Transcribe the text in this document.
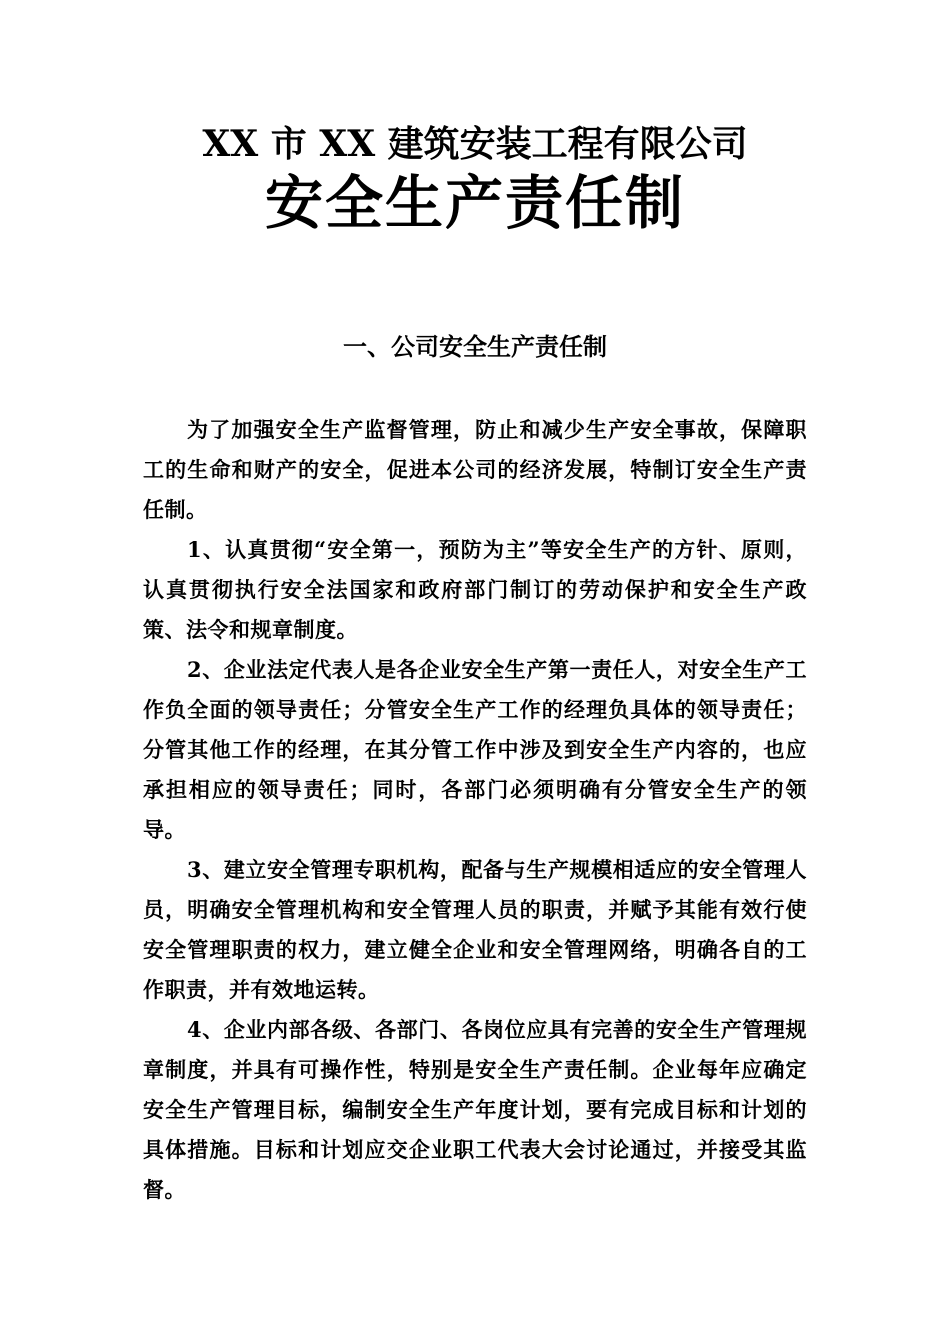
XX 市 XX 建筑安装工程有限公司
安全生产责任制
一、公司安全生产责任制

为了加强安全生产监督管理，防止和减少生产安全事故，保障职工的生命和财产的安全，促进本公司的经济发展，特制订安全生产责任制。

1、认真贯彻“安全第一，预防为主”等安全生产的方针、原则，认真贯彻执行安全法国家和政府部门制订的劳动保护和安全生产政策、法令和规章制度。

2、企业法定代表人是各企业安全生产第一责任人，对安全生产工作负全面的领导责任；分管安全生产工作的经理负具体的领导责任；分管其他工作的经理，在其分管工作中涉及到安全生产内容的，也应承担相应的领导责任；同时，各部门必须明确有分管安全生产的领导。

3、建立安全管理专职机构，配备与生产规模相适应的安全管理人员，明确安全管理机构和安全管理人员的职责，并赋予其能有效行使安全管理职责的权力，建立健全企业和安全管理网络，明确各自的工作职责，并有效地运转。

4、企业内部各级、各部门、各岗位应具有完善的安全生产管理规章制度，并具有可操作性，特别是安全生产责任制。企业每年应确定安全生产管理目标，编制安全生产年度计划，要有完成目标和计划的具体措施。目标和计划应交企业职工代表大会讨论通过，并接受其监督。
